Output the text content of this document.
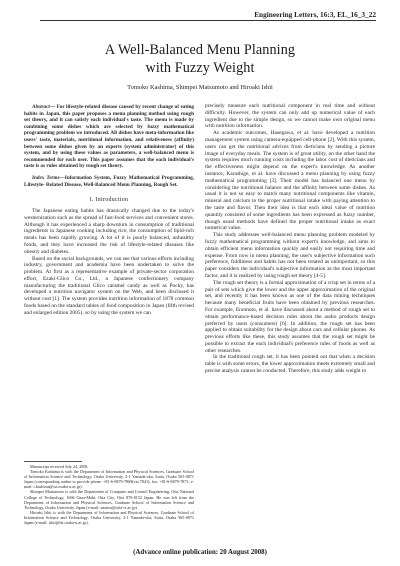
Engineering Letters, 16:3, EL_16_3_22
A Well-Balanced Menu Planning
with Fuzzy Weight
Tomoko Kashima, Shimpei Matsumoto and Hiroaki Ishii

Abstract— For lifestyle-related disease caused by recent change of eating habits in Japan, this paper proposes a menu planning method using rough set theory, and it can satisfy each individual's taste. The menu is made by combining some dishes which are selected by fuzzy mathematical programming problem we introduced. All dishes have meta-information like users' taste, materials, nutritional information, and relativeness (affinity) between some dishes given by an experts (system administrator) of this system, and by using these values as parameters, a well-balanced menu is recommended for each user. This paper assumes that the each individual's taste is as rules obtained by rough set theory.

Index Terms—Information System, Fuzzy Mathematical Programming, Lifestyle- Related Disease, Well-Balanced Menu Planning, Rough Set.

I. Introduction

The Japanese eating habits has drastically changed due to the today's westernization such as the spread of fast-food services and convenient stores. Although it has experienced a sharp downturn in consumption of traditional ingredients in Japanese cooking including rice, the consumption of lipid-rich meals has been rapidly growing. A lot of it is poorly balanced, unhealthy foods, and they have increased the risk of lifestyle-related diseases like obesity and diabetes.

Based on the social backgrounds, we can see that various efforts including industry, government and academia have been undertaken to solve the problem. At first as a representative example of private-sector corporation effort, Ezaki-Glico Co., Ltd., a Japanese confectionery company manufacturing the traditional Glico caramel candy as well as Pocky, has developed a nutrition navigator system on the Web, and been disclosed it without cost [1]. The system provides nutrition information of 1878 common foods based on the standard tables of food composition in Japan (fifth revised and enlarged edition 2005), so by using the system we can

Manuscript received July 24, 2008.

Tomoko Kashima is with the Department of Information and Physical Sciences, Graduate School of Information Science and Technology, Osaka University, 2-1 Yamada-oka, Suita, Osaka 565-0871 Japan (corresponding author to provide phone: +81-6-6879-7868(ext.7841); fax: +81-6-6879-7871; e-mail: t.kashima@ist.osaka-u.ac.jp).

Shimpei Matsumoto is with the Department of Computer and Control Engineering, Oita National College of Technology, 1666 Oaza-Maki, Oita City, Oita 870-0152 Japan. He was left from the Department of Information and Physical Sciences, Graduate School of Information Science and Technology, Osaka University, Japan (e-mail: smatsu@oita-ct.ac.jp).

Hiroaki Ishii is with the Department of Information and Physical Sciences, Graduate School of Information Science and Technology, Osaka University, 2-1 Yamada-oka, Suita, Osaka 565-0871 Japan (e-mail: ishii@ist.osaka-u.ac.jp).

precisely measure each nutritional component in real time and without difficulty. However, the system can only add up numerical value of each ingredient due to the simple design, so we cannot make own original menu with nutrition information.

As academic outcomes, Hasegawa, et al. have developed a nutrition management system using camera-equipped cell-phone [2]. With this system, users can get the nutritional advices from dieticians by sending a picture image of everyday meals. The system is of great utility, on the other hand the system requires much running costs including the labor cost of dieticians and the effectiveness might depend on the expert's knowledge. As another instance, Karashige, et al. have discussed a menu planning by using fuzzy mathematical programming [3]. Their model has balanced one menu by considering the nutritional balance and the affinity between some dishes. As usual it is not so easy to match many nutritional components like vitamin, mineral and calcium to the proper nutritional intake with paying attention to the taste and flavor. Then their idea is that each ideal value of nutrition quantity consisted of some ingredients has been expressed as fuzzy number, though usual methods have defined the proper nutritional intake as exact numerical value.

This study addresses well-balanced menu planning problem modeled by fuzzy mathematical programming without expert's knowledge, and aims to obtain efficient menu information quickly and easily not requiring time and expense. From now in menu planning, the user's subjective information such preference, fiddliness and habits has not been treated as unimportant, so this paper considers the individual's subjective information as the most important factor, and it is realized by using rough set theory [4-5].

The rough set theory is a formal approximation of a crisp set in terms of a pair of sets which give the lower and the upper approximation of the original set, and recently it has been known as one of the data mining techniques because many beneficial fruits have been obtained by previous researches. For example, Enomoto, et al. have discussed about a method of rough set to obtain performance-based decision rules about the audio products design preferred by users (consumers) [6]. In addition, the rough set has been applied to obtain suitability for the design about cars and cellular phones. As previous efforts like these, this study assumes that the rough set might be possible to extract the each individual's preference rules of foods as well as other researches.

In the traditional rough set, it has been pointed out that when a decision table is with some errors, the lower approximation meets extremely small and precise analysis cannot be conducted. Therefore, this study adds weight to

(Advance online publication: 20 August 2008)
